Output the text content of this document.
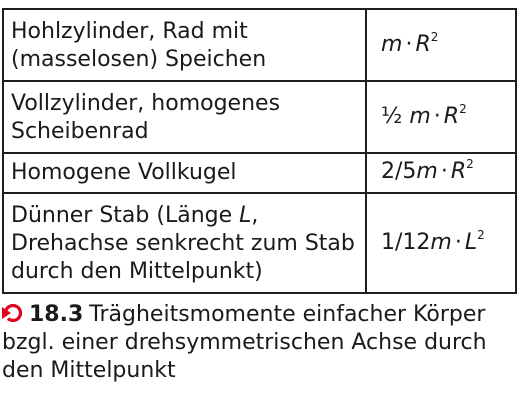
Hohlzylinder, Rad mit
(masselosen) Speichen	$m \cdot R^2$
Vollzylinder, homogenes
Scheibenrad	½ $m \cdot R^2$
Homogene Vollkugel	$2/5m \cdot R^2$
Dünner Stab (Länge L,
Drehachse senkrecht zum Stab
durch den Mittelpunkt)	$1/12m \cdot L^2$
18.3 Trägheitsmomente einfacher Körper bzgl. einer drehsymmetrischen Achse durch den Mittelpunkt
